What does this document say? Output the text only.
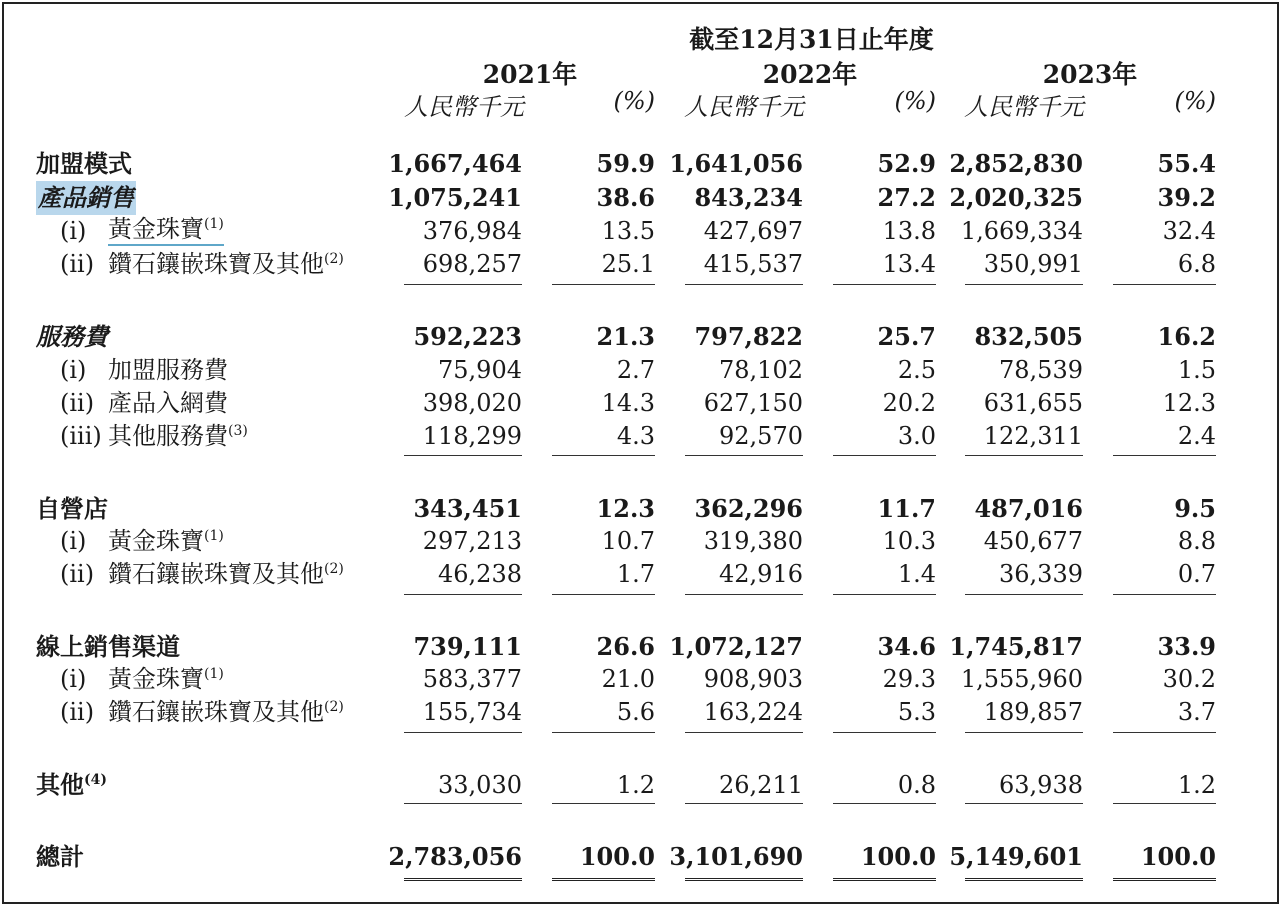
截至12月31日止年度
2021年	2022年	2023年
人民幣千元	(%) 人民幣千元	(%) 人民幣千元	(%)
加盟模式	1,667,464	59.9 1,641,056	52.9 2,852,830	55.4
產品銷售	1,075,241	38.6 843,234	27.2 2,020,325	39.2
(i) 黃金珠寶$^{(1)}$	376,984	13.5 427,697	13.8 1,669,334	32.4
(ii) 鑽石鑲嵌珠寶及其他$^{(2)}$	698,257	25.1 415,537	13.4 350,991	6.8
服務費	592,223	21.3 797,822	25.7 832,505	16.2
(i) 加盟服務費	75,904	2.7	78,102	2.5	78,539	1.5
(ii) 產品入網費	398,020	14.3 627,150	20.2 631,655	12.3
(iii) 其他服務費$^{(3)}$	118,299	4.3	92,570	3.0 122,311	2.4
自營店	343,451	12.3 362,296	11.7 487,016	9.5
(i) 黃金珠寶$^{(1)}$	297,213	10.7 319,380	10.3 450,677	8.8
(ii) 鑽石鑲嵌珠寶及其他$^{(2)}$	46,238	1.7	42,916	1.4	36,339	0.7
線上銷售渠道	739,111	26.6 1,072,127	34.6 1,745,817	33.9
(i) 黃金珠寶$^{(1)}$	583,377	21.0 908,903	29.3 1,555,960	30.2
(ii) 鑽石鑲嵌珠寶及其他$^{(2)}$	155,734	5.6 163,224	5.3 189,857	3.7
其他$^{(4)}$	33,030	1.2	26,211	0.8	63,938	1.2
總計	2,783,056 100.0 3,101,690 100.0 5,149,601 100.0
